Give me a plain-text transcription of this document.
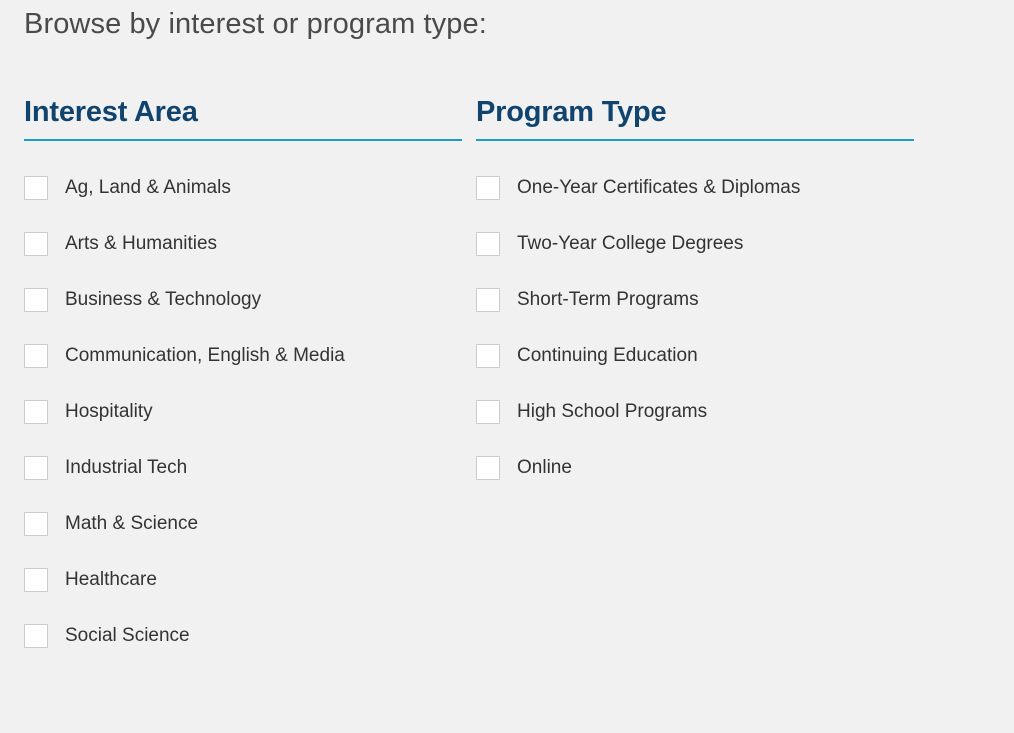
Browse by interest or program type:
Interest Area
Ag, Land & Animals
Arts & Humanities
Business & Technology
Communication, English & Media
Hospitality
Industrial Tech
Math & Science
Healthcare
Social Science
Program Type
One-Year Certificates & Diplomas
Two-Year College Degrees
Short-Term Programs
Continuing Education
High School Programs
Online
